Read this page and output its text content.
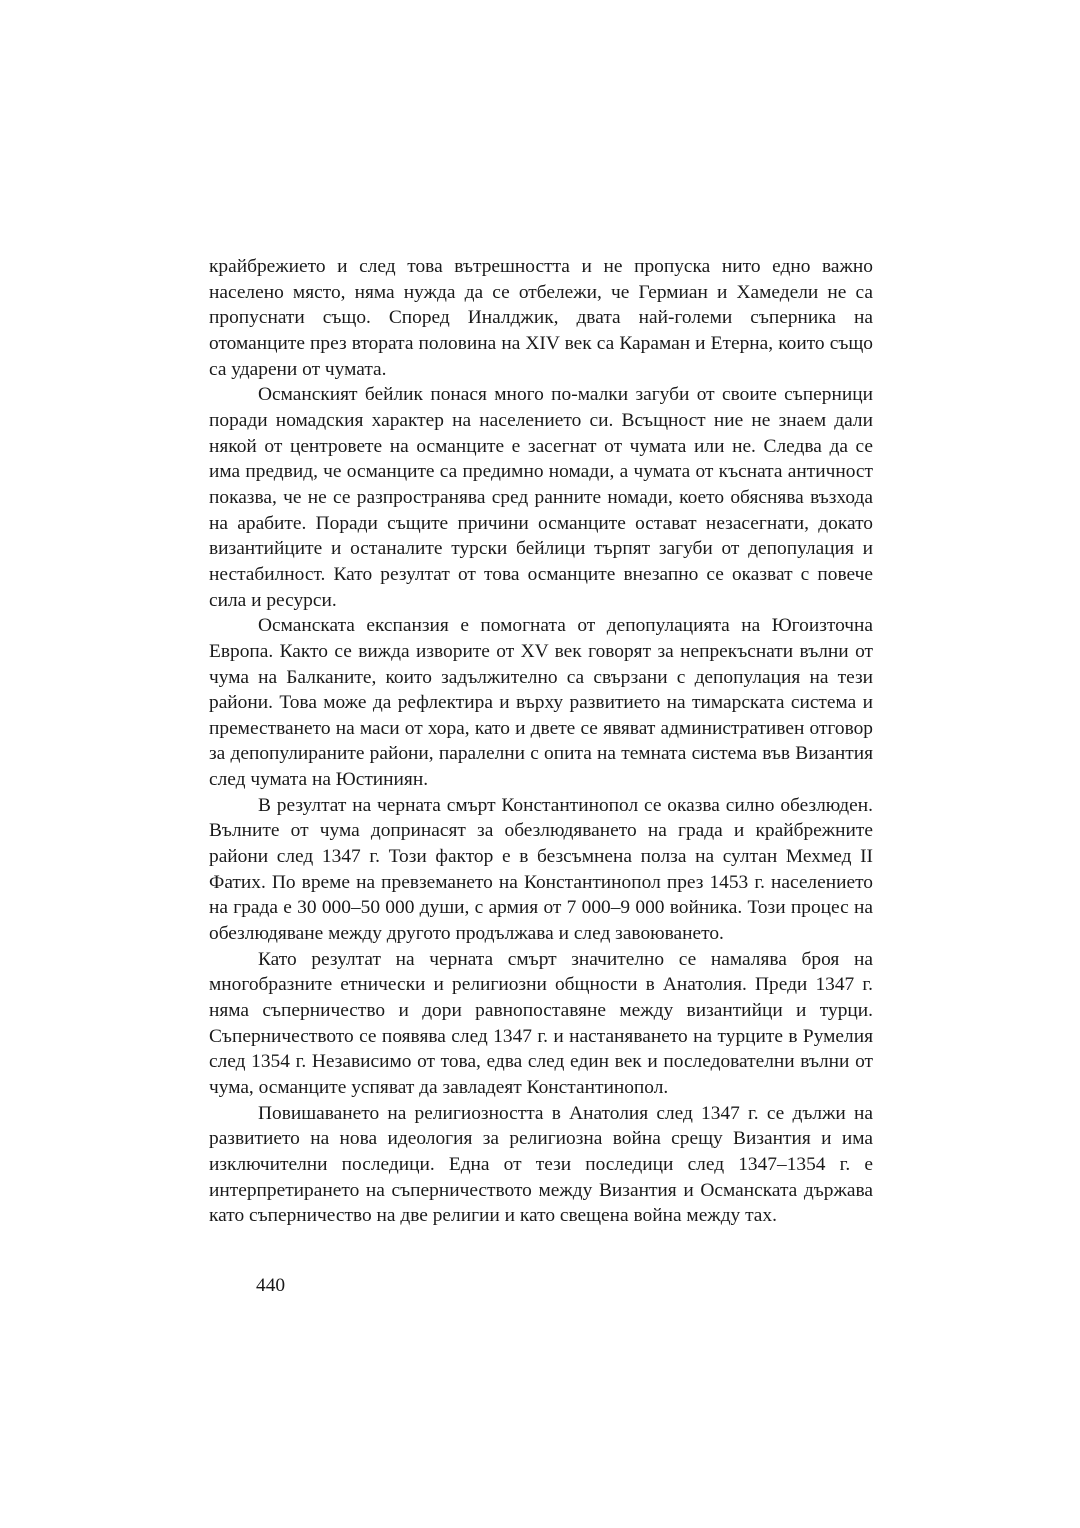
крайбрежието и след това вътрешността и не пропуска нито едно важно населено място, няма нужда да се отбележи, че Гермиан и Хамедели не са пропуснати също. Според Иналджик, двата най-големи съперника на отоманците през втората половина на XIV век са Караман и Етерна, които също са ударени от чумата.

Османският бейлик понася много по-малки загуби от своите съперници поради номадския характер на населението си. Всъщност ние не знаем дали някой от центровете на османците е засегнат от чумата или не. Следва да се има предвид, че османците са предимно номади, а чумата от късната античност показва, че не се разпространява сред ранните номади, което обяснява възхода на арабите. Поради същите причини османците остават незасегнати, докато византийците и останалите турски бейлици търпят загуби от депопулация и нестабилност. Като резултат от това османците внезапно се оказват с повече сила и ресурси.

Османската експанзия е помогната от депопулацията на Югоизточна Европа. Както се вижда изворите от XV век говорят за непрекъснати вълни от чума на Балканите, които задължително са свързани с депопулация на тези райони. Това може да рефлектира и върху развитието на тимарската система и преместването на маси от хора, като и двете се явяват административен отговор за депопулираните райони, паралелни с опита на темната система във Византия след чумата на Юстиниян.

В резултат на черната смърт Константинопол се оказва силно обезлюден. Вълните от чума допринасят за обезлюдяването на града и крайбрежните райони след 1347 г. Този фактор е в безсъмнена полза на султан Мехмед II Фатих. По време на превземането на Константинопол през 1453 г. населението на града е 30 000–50 000 души, с армия от 7 000–9 000 войника. Този процес на обезлюдяване между другото продължава и след завоюването.

Като резултат на черната смърт значително се намалява броя на многобразните етнически и религиозни общности в Анатолия. Преди 1347 г. няма съперничество и дори равнопоставяне между византийци и турци. Съперничеството се появява след 1347 г. и настаняването на турците в Румелия след 1354 г. Независимо от това, едва след един век и последователни вълни от чума, османците успяват да завладеят Константинопол.

Повишаването на религиозността в Анатолия след 1347 г. се дължи на развитието на нова идеология за религиозна война срещу Византия и има изключителни последици. Една от тези последици след 1347–1354 г. е интерпретирането на съперничеството между Византия и Османската държава като съперничество на две религии и като свещена война между тах.

440
